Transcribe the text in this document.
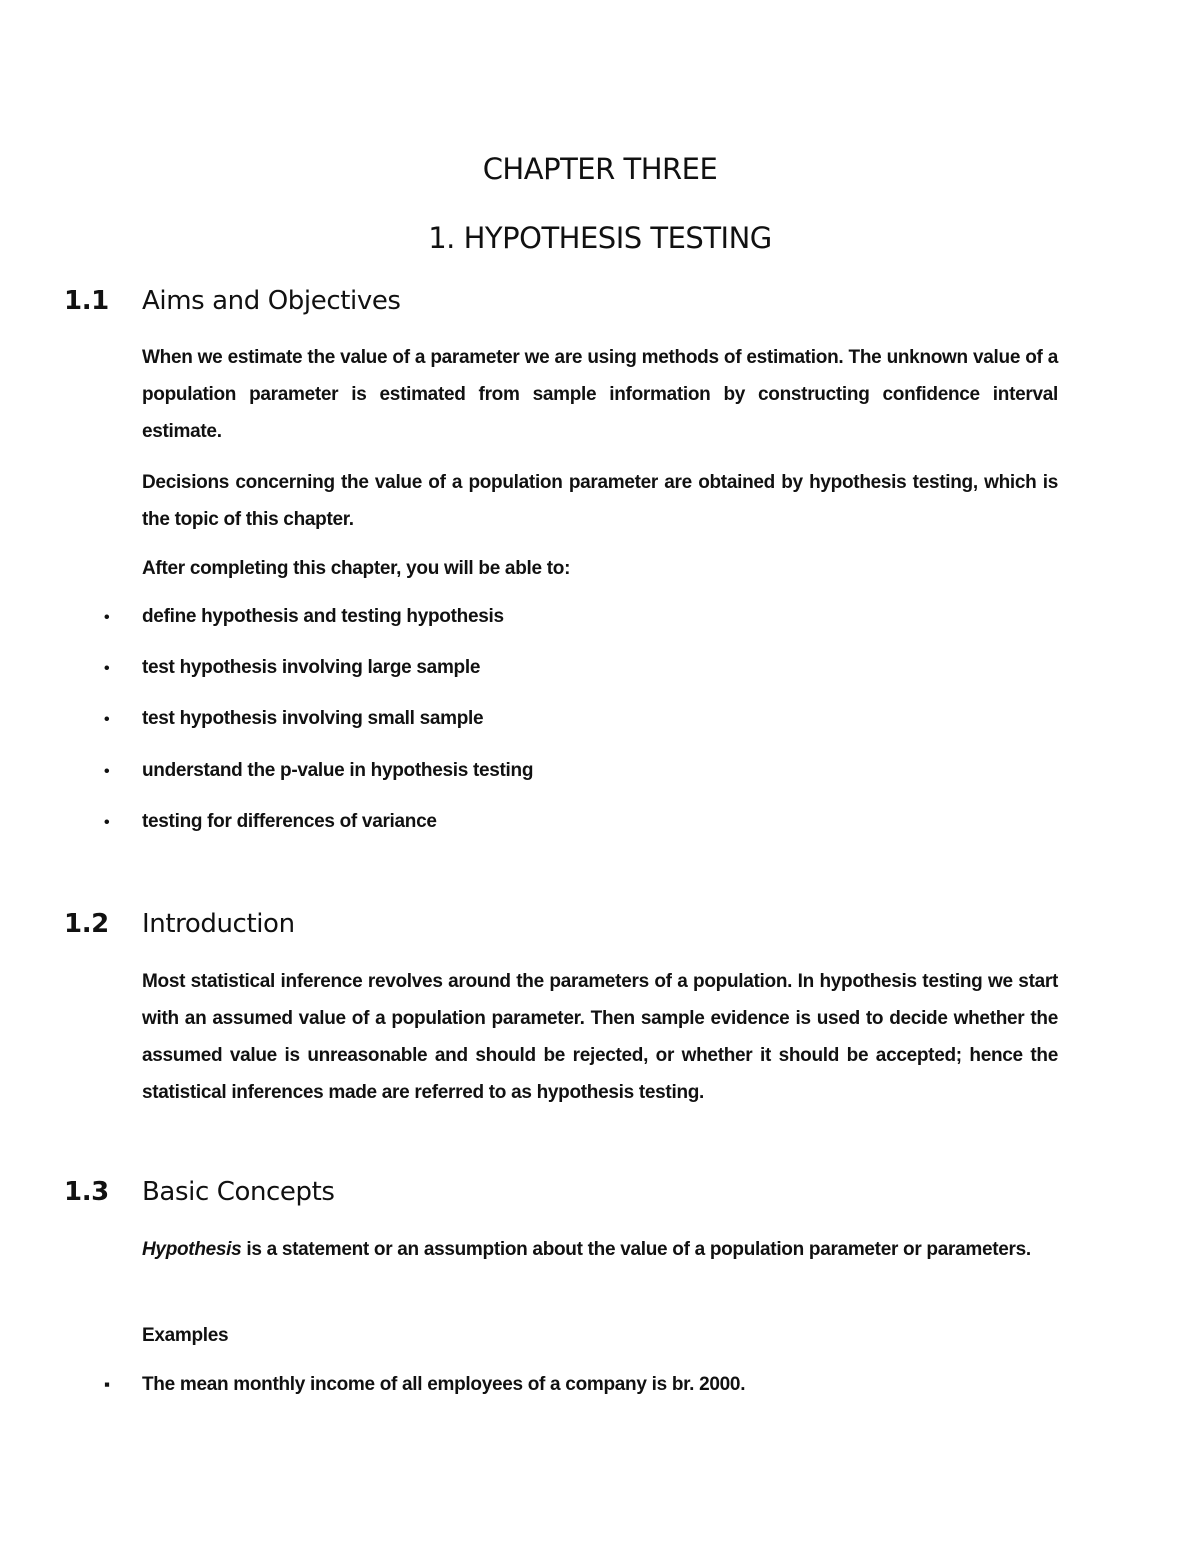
CHAPTER THREE
1. HYPOTHESIS TESTING
1.1	Aims and Objectives

When we estimate the value of a parameter we are using methods of estimation. The unknown value of a population parameter is estimated from sample information by constructing confidence interval estimate.

Decisions concerning the value of a population parameter are obtained by hypothesis testing, which is the topic of this chapter.

After completing this chapter, you will be able to:

•	define hypothesis and testing hypothesis
•	test hypothesis involving large sample
•	test hypothesis involving small sample
•	understand the p-value in hypothesis testing
•	testing for differences of variance
1.2	Introduction

Most statistical inference revolves around the parameters of a population. In hypothesis testing we start with an assumed value of a population parameter. Then sample evidence is used to decide whether the assumed value is unreasonable and should be rejected, or whether it should be accepted; hence the statistical inferences made are referred to as hypothesis testing.

1.3	Basic Concepts

Hypothesis is a statement or an assumption about the value of a population parameter or parameters.

Examples

▪	The mean monthly income of all employees of a company is br. 2000.
